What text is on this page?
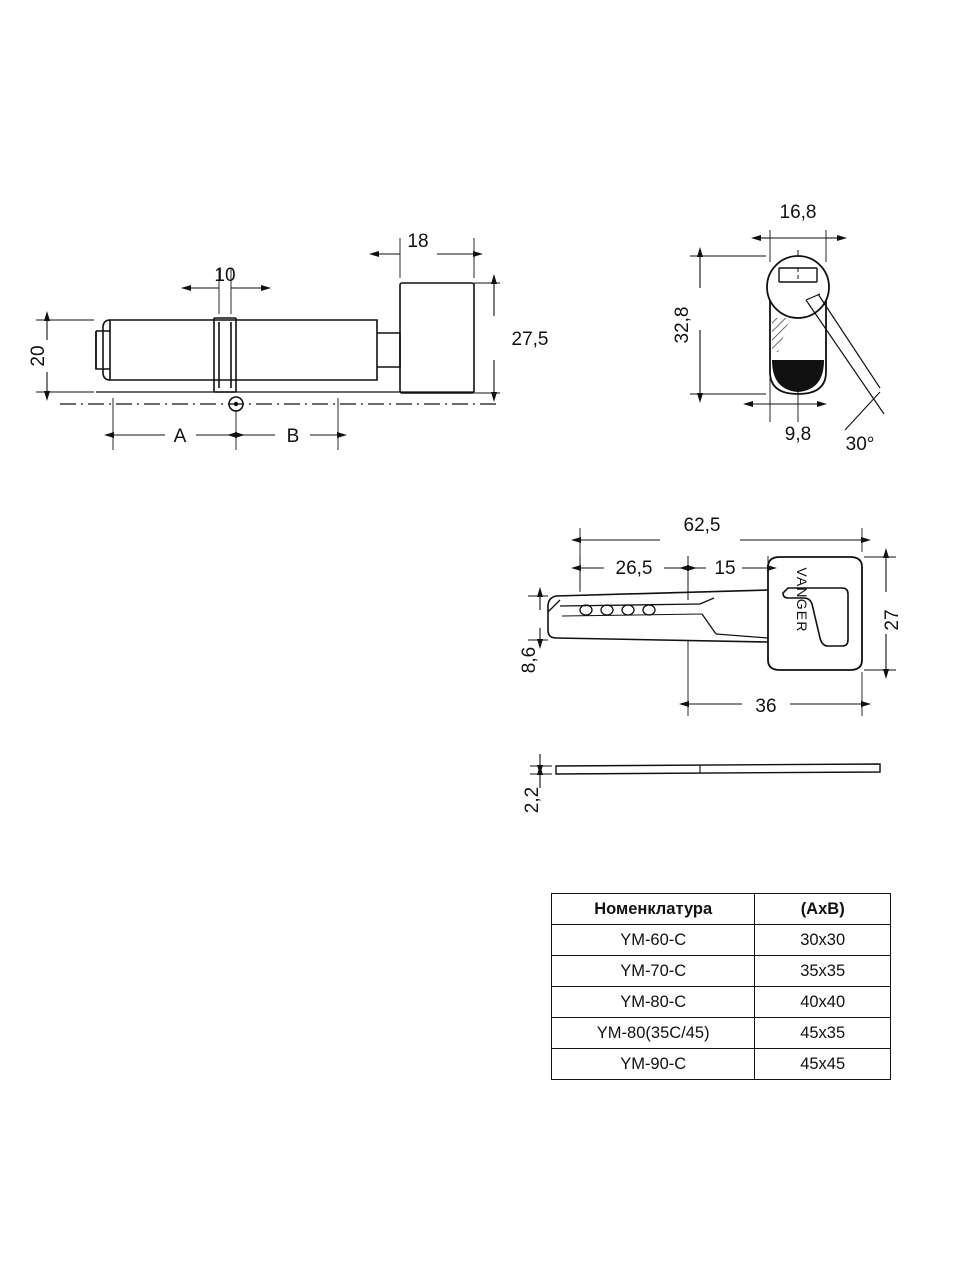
10
18
27,5
20
A	B
16,8
32,8
9,8 30°
62,5
26,5	15
27
8,6
36
2,2
VANGER
Номенклатура	(АxВ)
YM-60-C	30x30
YM-70-C	35x35
YM-80-C	40x40
YM-80(35C/45)	45x35
YM-90-C	45x45
